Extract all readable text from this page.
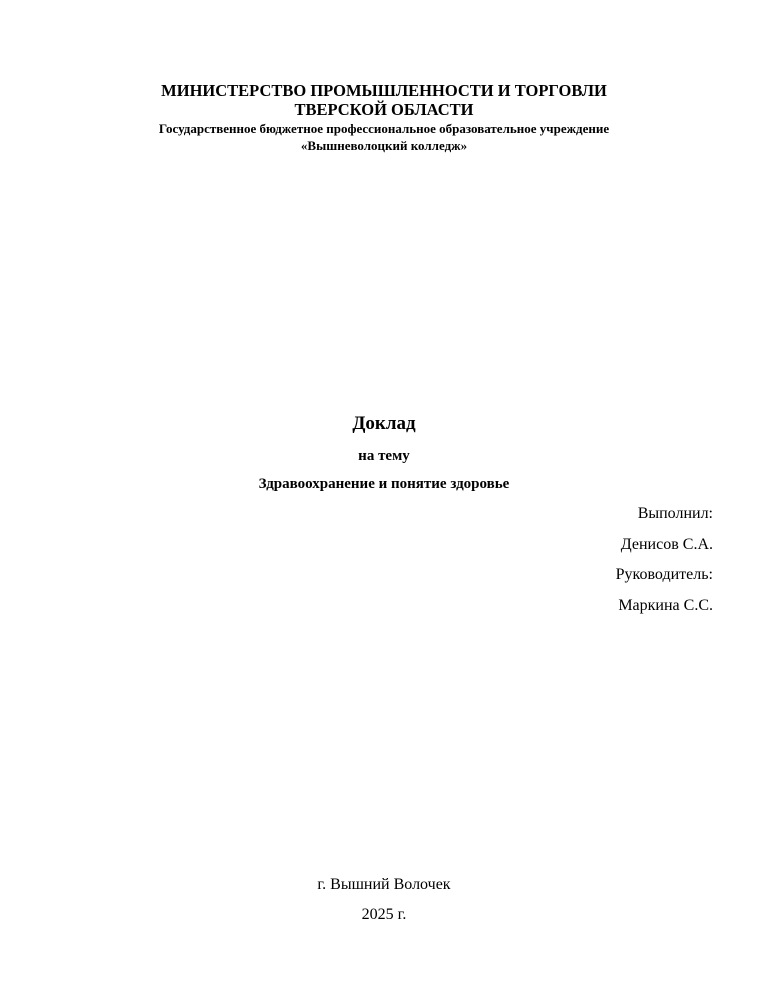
МИНИСТЕРСТВО ПРОМЫШЛЕННОСТИ И ТОРГОВЛИ
ТВЕРСКОЙ ОБЛАСТИ
Государственное бюджетное профессиональное образовательное учреждение
«Вышневолоцкий колледж»
Доклад
на тему
Здравоохранение и понятие здоровье
Выполнил:
Денисов С.А.
Руководитель:
Маркина С.С.
г. Вышний Волочек
2025 г.
